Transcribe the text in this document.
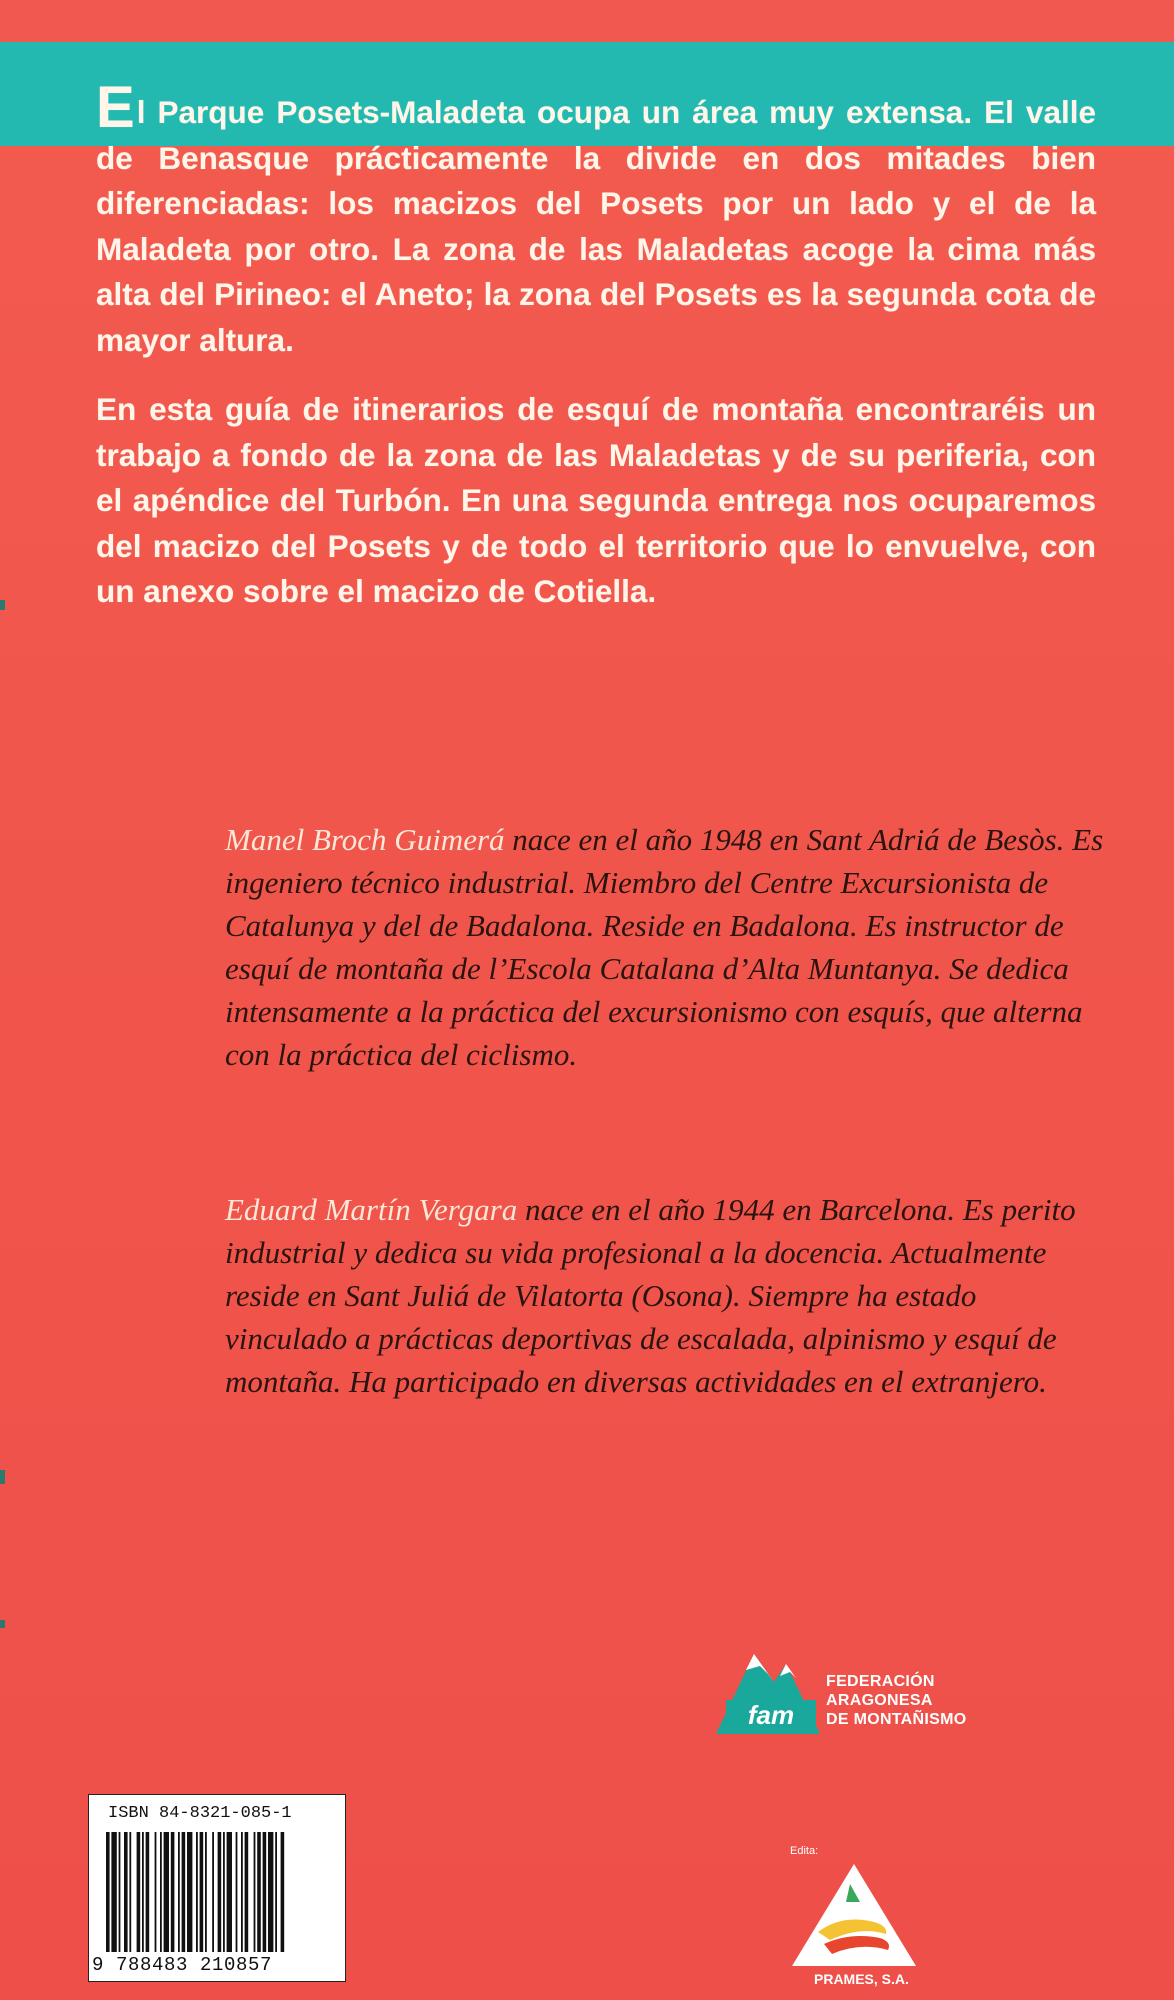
El Parque Posets-Maladeta ocupa un área muy extensa. El valle de Benasque prácticamente la divide en dos mitades bien diferenciadas: los macizos del Posets por un lado y el de la Maladeta por otro. La zona de las Maladetas acoge la cima más alta del Pirineo: el Aneto; la zona del Posets es la segunda cota de mayor altura.

En esta guía de itinerarios de esquí de montaña encontraréis un trabajo a fondo de la zona de las Maladetas y de su periferia, con el apéndice del Turbón. En una segunda entrega nos ocuparemos del macizo del Posets y de todo el territorio que lo envuelve, con un anexo sobre el macizo de Cotiella.

Manel Broch Guimerá nace en el año 1948 en Sant Adriá de Besòs. Es ingeniero técnico industrial. Miembro del Centre Excursionista de Catalunya y del de Badalona. Reside en Badalona. Es instructor de esquí de montaña de l’Escola Catalana d’Alta Muntanya. Se dedica intensamente a la práctica del excursionismo con esquís, que alterna con la práctica del ciclismo.
Eduard Martín Vergara nace en el año 1944 en Barcelona. Es perito industrial y dedica su vida profesional a la docencia. Actualmente reside en Sant Juliá de Vilatorta (Osona). Siempre ha estado vinculado a prácticas deportivas de escalada, alpinismo y esquí de montaña. Ha participado en diversas actividades en el extranjero.
fam
FEDERACIÓN
ARAGONESA
DE MONTAÑISMO
ISBN 84-8321-085-1
9 788483 210857
Edita:
PRAMES, S.A.
